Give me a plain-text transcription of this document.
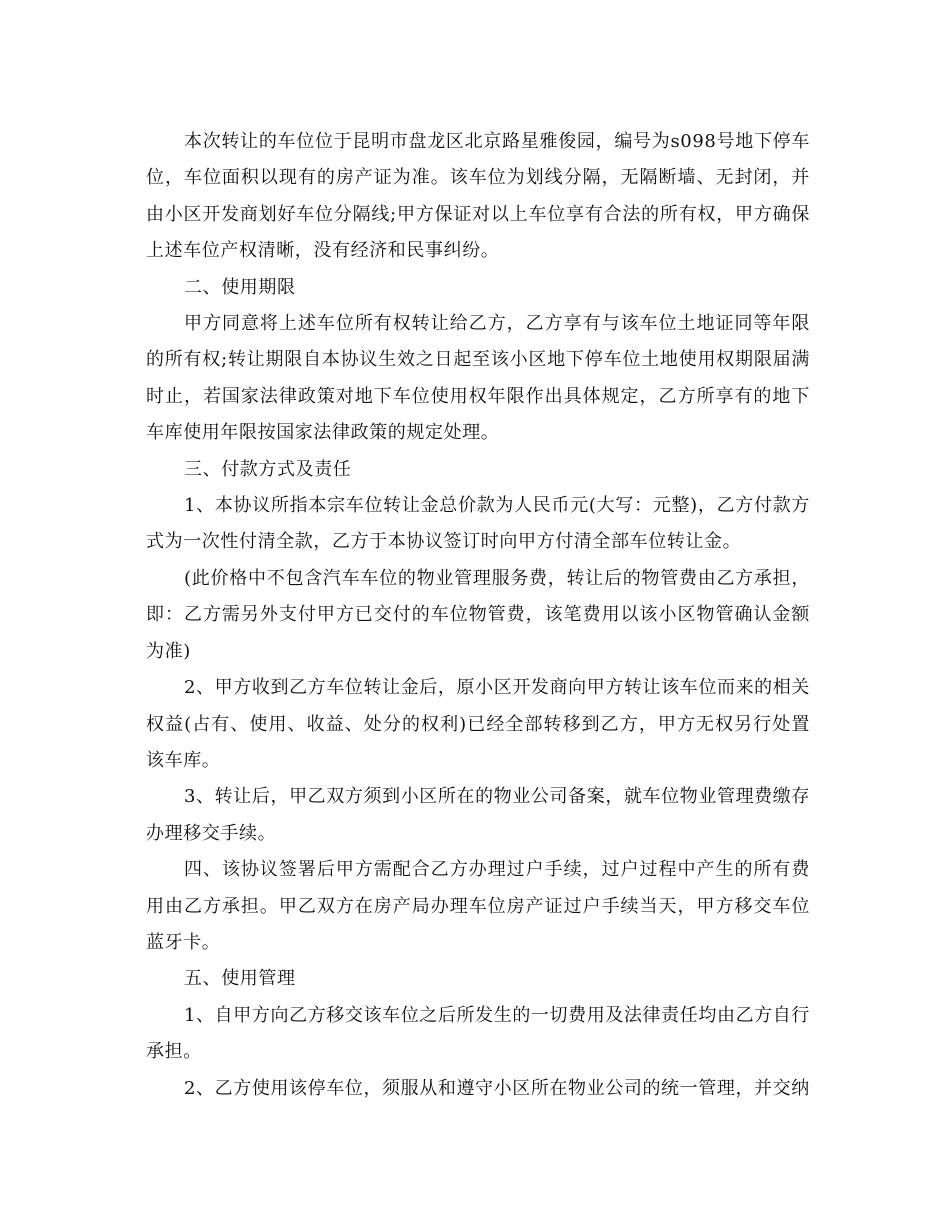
本次转让的车位位于昆明市盘龙区北京路星雅俊园，编号为s098号地下停车位，车位面积以现有的房产证为准。该车位为划线分隔，无隔断墙、无封闭，并由小区开发商划好车位分隔线;甲方保证对以上车位享有合法的所有权，甲方确保上述车位产权清晰，没有经济和民事纠纷。

二、使用期限

甲方同意将上述车位所有权转让给乙方，乙方享有与该车位土地证同等年限的所有权;转让期限自本协议生效之日起至该小区地下停车位土地使用权期限届满时止，若国家法律政策对地下车位使用权年限作出具体规定，乙方所享有的地下车库使用年限按国家法律政策的规定处理。

三、付款方式及责任

1、本协议所指本宗车位转让金总价款为人民币元(大写：元整)，乙方付款方式为一次性付清全款，乙方于本协议签订时向甲方付清全部车位转让金。

(此价格中不包含汽车车位的物业管理服务费，转让后的物管费由乙方承担，即：乙方需另外支付甲方已交付的车位物管费，该笔费用以该小区物管确认金额为准)

2、甲方收到乙方车位转让金后，原小区开发商向甲方转让该车位而来的相关权益(占有、使用、收益、处分的权利)已经全部转移到乙方，甲方无权另行处置该车库。

3、转让后，甲乙双方须到小区所在的物业公司备案，就车位物业管理费缴存办理移交手续。

四、该协议签署后甲方需配合乙方办理过户手续，过户过程中产生的所有费用由乙方承担。甲乙双方在房产局办理车位房产证过户手续当天，甲方移交车位蓝牙卡。

五、使用管理

1、自甲方向乙方移交该车位之后所发生的一切费用及法律责任均由乙方自行承担。

2、乙方使用该停车位，须服从和遵守小区所在物业公司的统一管理，并交纳
